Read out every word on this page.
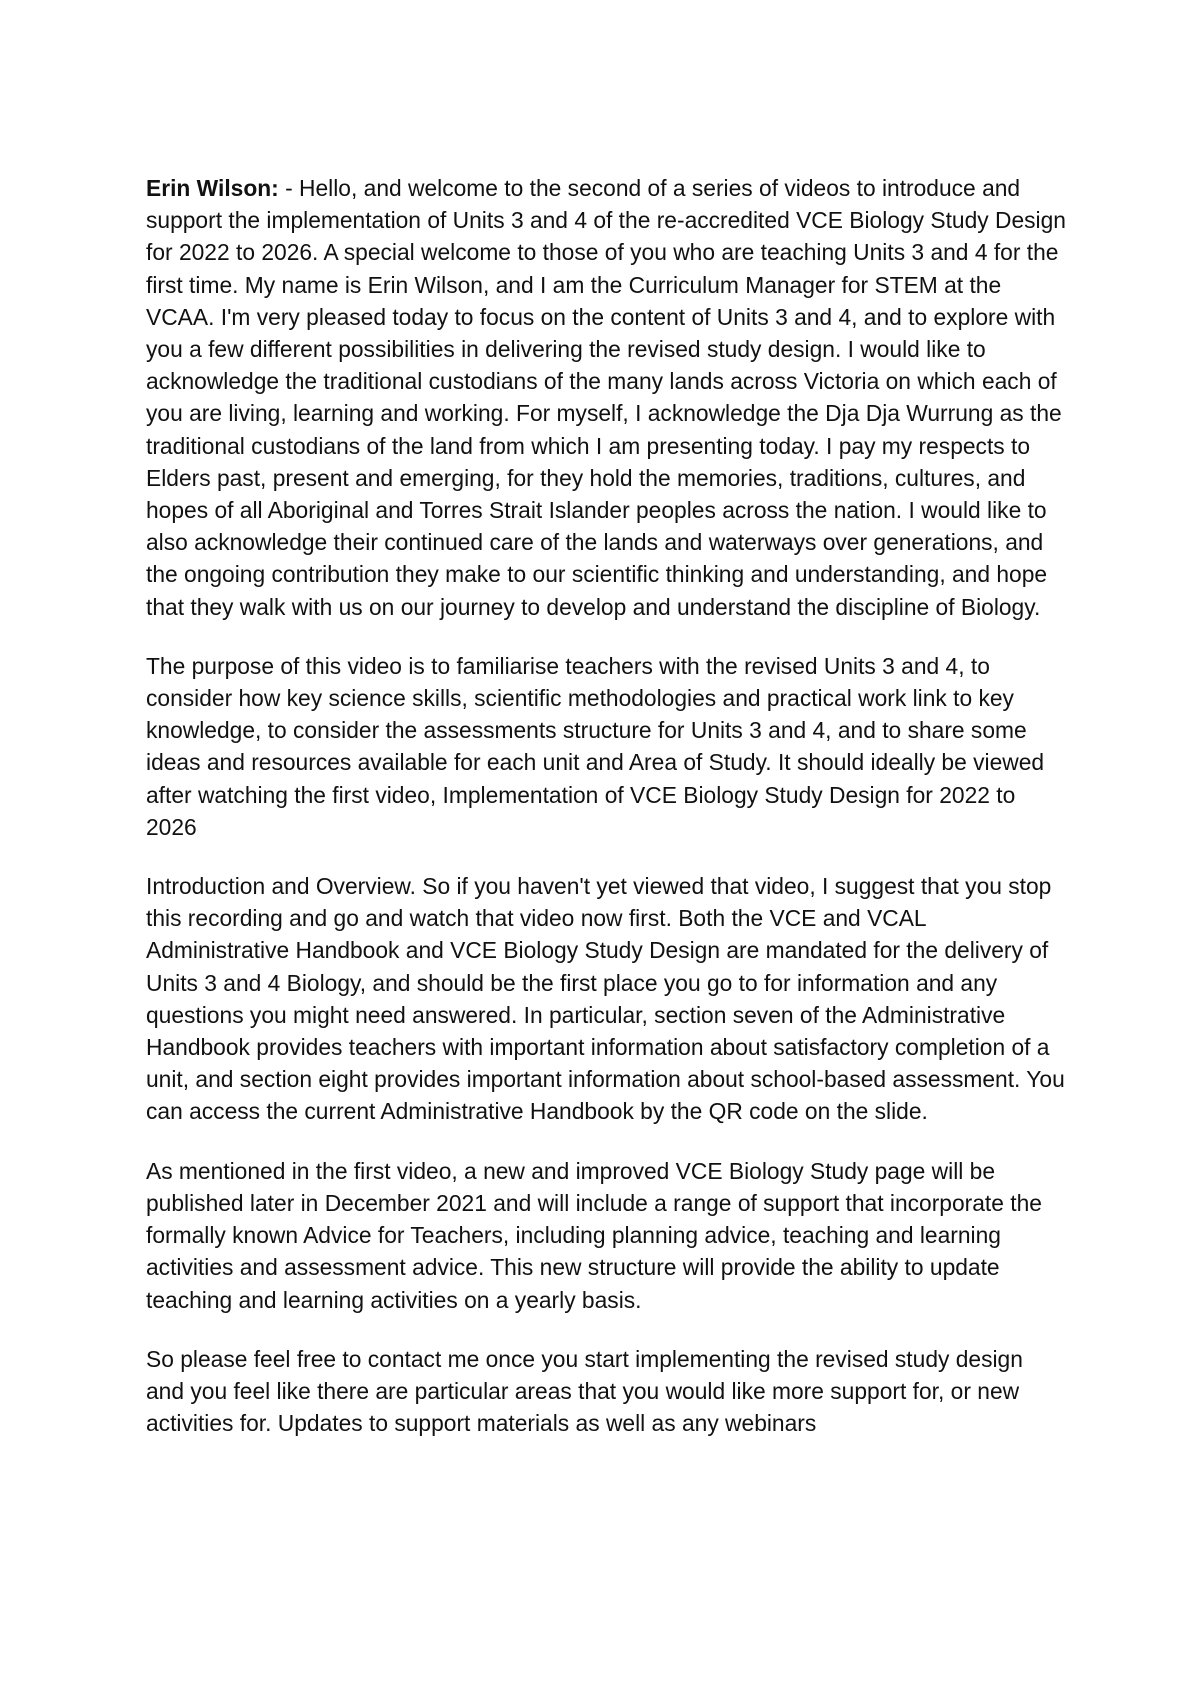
Erin Wilson: - Hello, and welcome to the second of a series of videos to introduce and support the implementation of Units 3 and 4 of the re-accredited VCE Biology Study Design for 2022 to 2026. A special welcome to those of you who are teaching Units 3 and 4 for the first time. My name is Erin Wilson, and I am the Curriculum Manager for STEM at the VCAA. I'm very pleased today to focus on the content of Units 3 and 4, and to explore with you a few different possibilities in delivering the revised study design. I would like to acknowledge the traditional custodians of the many lands across Victoria on which each of you are living, learning and working. For myself, I acknowledge the Dja Dja Wurrung as the traditional custodians of the land from which I am presenting today. I pay my respects to Elders past, present and emerging, for they hold the memories, traditions, cultures, and hopes of all Aboriginal and Torres Strait Islander peoples across the nation. I would like to also acknowledge their continued care of the lands and waterways over generations, and the ongoing contribution they make to our scientific thinking and understanding, and hope that they walk with us on our journey to develop and understand the discipline of Biology.

The purpose of this video is to familiarise teachers with the revised Units 3 and 4, to consider how key science skills, scientific methodologies and practical work link to key knowledge, to consider the assessments structure for Units 3 and 4, and to share some ideas and resources available for each unit and Area of Study. It should ideally be viewed after watching the first video, Implementation of VCE Biology Study Design for 2022 to 2026

Introduction and Overview. So if you haven't yet viewed that video, I suggest that you stop this recording and go and watch that video now first. Both the VCE and VCAL Administrative Handbook and VCE Biology Study Design are mandated for the delivery of Units 3 and 4 Biology, and should be the first place you go to for information and any questions you might need answered. In particular, section seven of the Administrative Handbook provides teachers with important information about satisfactory completion of a unit, and section eight provides important information about school-based assessment. You can access the current Administrative Handbook by the QR code on the slide.

As mentioned in the first video, a new and improved VCE Biology Study page will be published later in December 2021 and will include a range of support that incorporate the formally known Advice for Teachers, including planning advice, teaching and learning activities and assessment advice. This new structure will provide the ability to update teaching and learning activities on a yearly basis.

So please feel free to contact me once you start implementing the revised study design and you feel like there are particular areas that you would like more support for, or new activities for. Updates to support materials as well as any webinars
